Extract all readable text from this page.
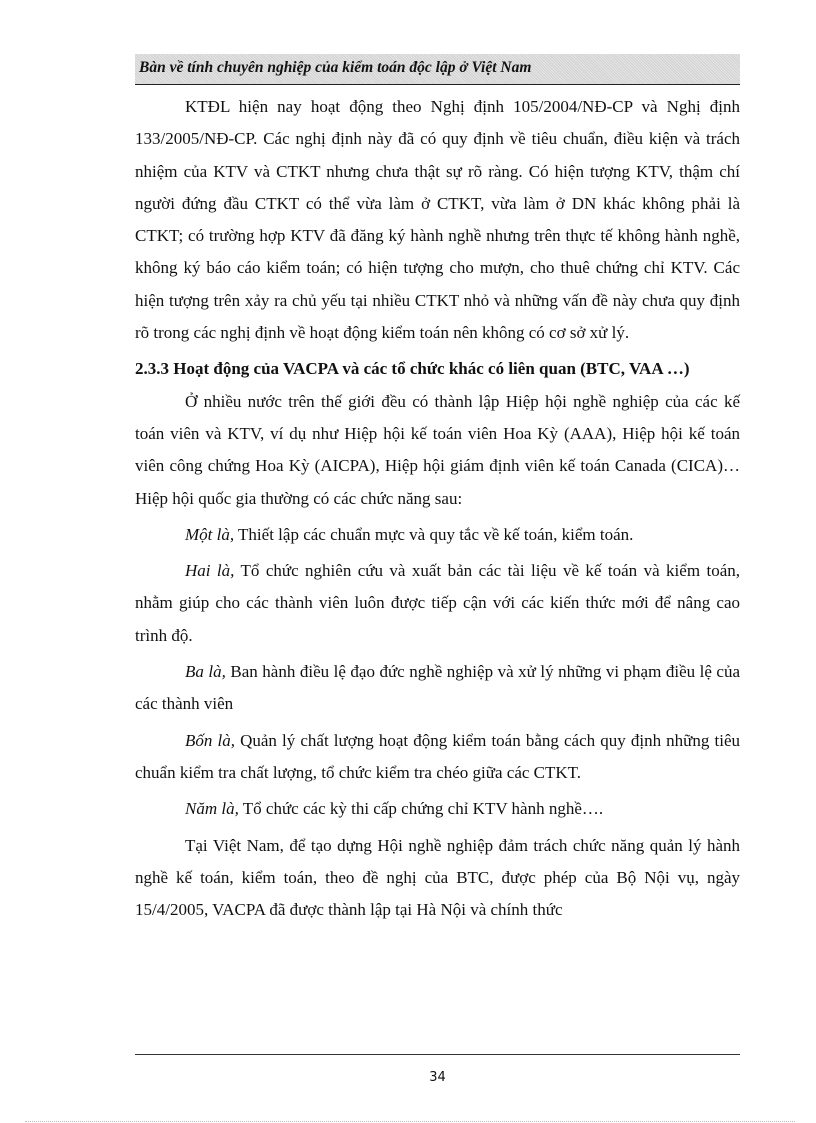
Bàn về tính chuyên nghiệp của kiểm toán độc lập ở Việt Nam

KTĐL hiện nay hoạt động theo Nghị định 105/2004/NĐ-CP và Nghị định 133/2005/NĐ-CP. Các nghị định này đã có quy định về tiêu chuẩn, điều kiện và trách nhiệm của KTV và CTKT nhưng chưa thật sự rõ ràng. Có hiện tượng KTV, thậm chí người đứng đầu CTKT có thể vừa làm ở CTKT, vừa làm ở DN khác không phải là CTKT; có trường hợp KTV đã đăng ký hành nghề nhưng trên thực tế không hành nghề, không ký báo cáo kiểm toán; có hiện tượng cho mượn, cho thuê chứng chỉ KTV. Các hiện tượng trên xảy ra chủ yếu tại nhiều CTKT nhỏ và những vấn đề này chưa quy định rõ trong các nghị định về hoạt động kiểm toán nên không có cơ sở xử lý.

2.3.3 Hoạt động của VACPA và các tổ chức khác có liên quan (BTC, VAA …)

Ở nhiều nước trên thế giới đều có thành lập Hiệp hội nghề nghiệp của các kế toán viên và KTV, ví dụ như Hiệp hội kế toán viên Hoa Kỳ (AAA), Hiệp hội kế toán viên công chứng Hoa Kỳ (AICPA), Hiệp hội giám định viên kế toán Canada (CICA)… Hiệp hội quốc gia thường có các chức năng sau:

Một là, Thiết lập các chuẩn mực và quy tắc về kế toán, kiểm toán.

Hai là, Tổ chức nghiên cứu và xuất bản các tài liệu về kế toán và kiểm toán, nhằm giúp cho các thành viên luôn được tiếp cận với các kiến thức mới để nâng cao trình độ.

Ba là, Ban hành điều lệ đạo đức nghề nghiệp và xử lý những vi phạm điều lệ của các thành viên

Bốn là, Quản lý chất lượng hoạt động kiểm toán bằng cách quy định những tiêu chuẩn kiểm tra chất lượng, tổ chức kiểm tra chéo giữa các CTKT.

Năm là, Tổ chức các kỳ thi cấp chứng chỉ KTV hành nghề….

Tại Việt Nam, để tạo dựng Hội nghề nghiệp đảm trách chức năng quản lý hành nghề kế toán, kiểm toán, theo đề nghị của BTC, được phép của Bộ Nội vụ, ngày 15/4/2005, VACPA đã được thành lập tại Hà Nội và chính thức

34
